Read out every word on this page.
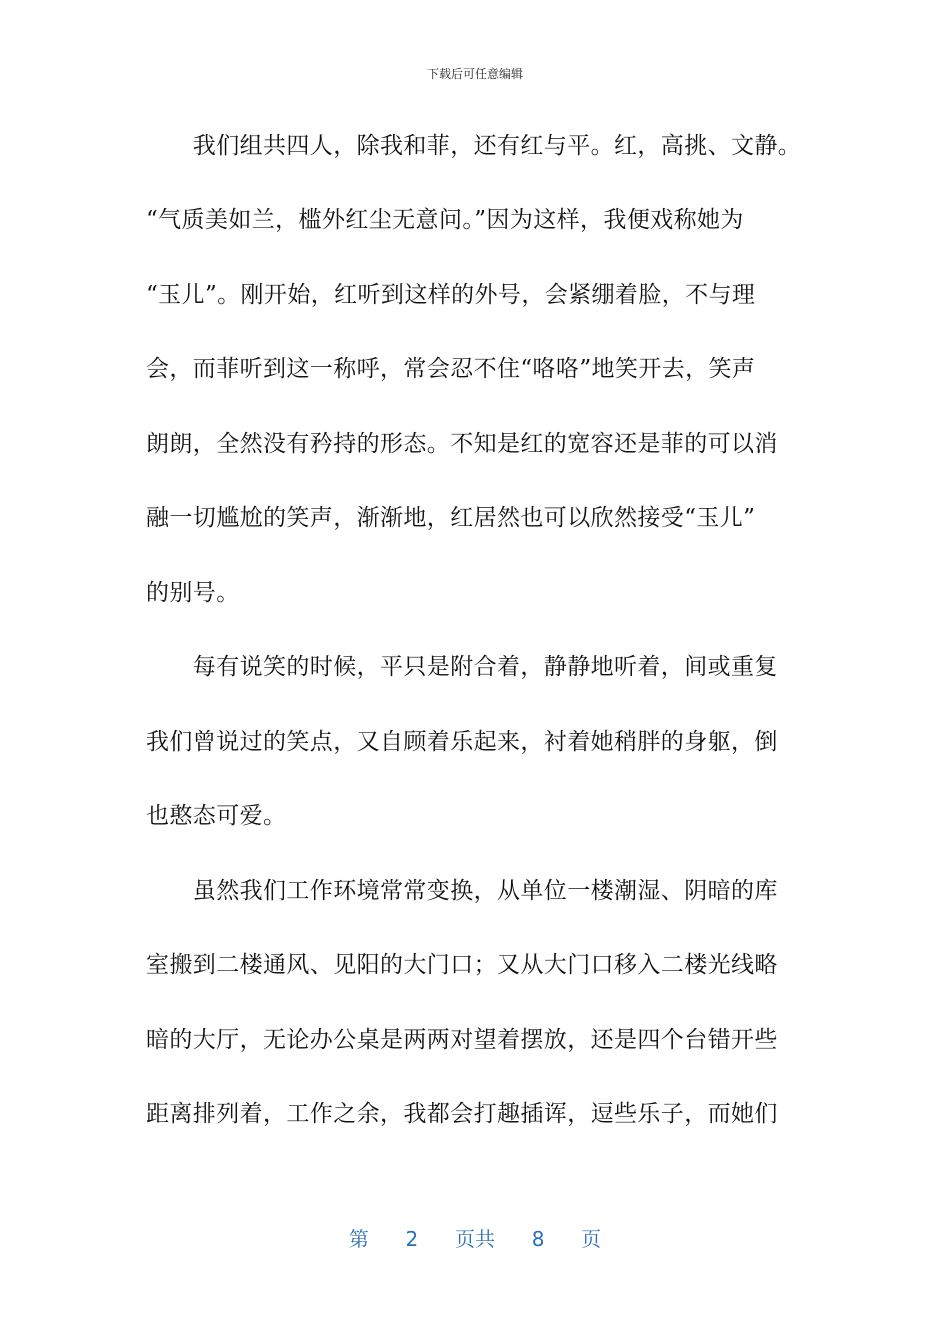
下载后可任意编辑
　　我们组共四人，除我和菲，还有红与平。红，高挑、文静。
“气质美如兰，槛外红尘无意问。”因为这样，我便戏称她为
“玉儿”。刚开始，红听到这样的外号，会紧绷着脸，不与理
会，而菲听到这一称呼，常会忍不住“咯咯”地笑开去，笑声
朗朗，全然没有矜持的形态。不知是红的宽容还是菲的可以消
融一切尴尬的笑声，渐渐地，红居然也可以欣然接受“玉儿”
的别号。
　　每有说笑的时候，平只是附合着，静静地听着，间或重复
我们曾说过的笑点，又自顾着乐起来，衬着她稍胖的身躯，倒
也憨态可爱。
　　虽然我们工作环境常常变换，从单位一楼潮湿、阴暗的库
室搬到二楼通风、见阳的大门口；又从大门口移入二楼光线略
暗的大厅，无论办公桌是两两对望着摆放，还是四个台错开些
距离排列着，工作之余，我都会打趣插诨，逗些乐子，而她们
第 2 页共 8 页
